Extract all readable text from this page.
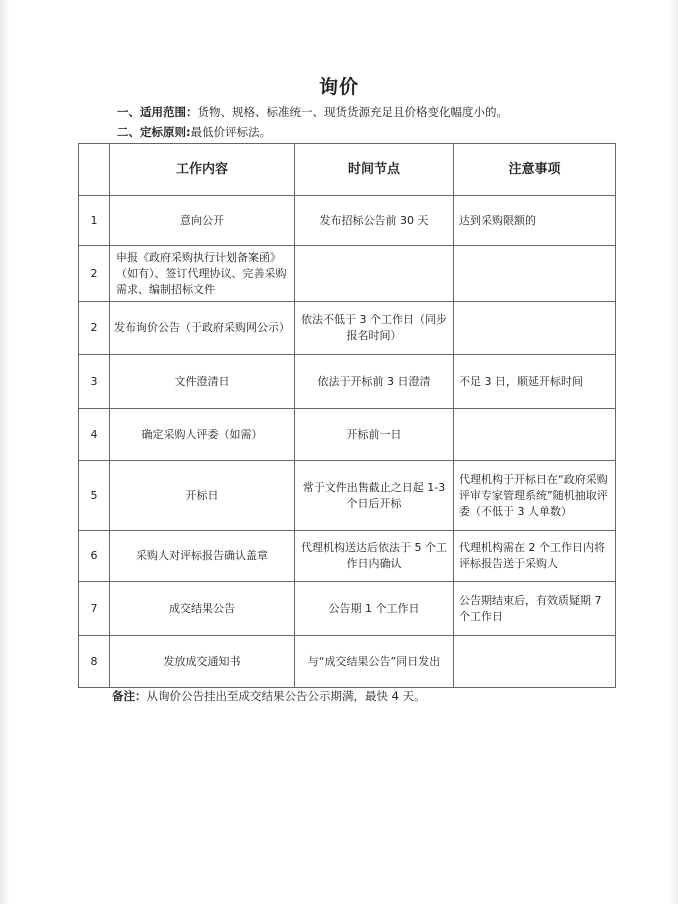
询价
一、适用范围：货物、规格、标准统一、现货货源充足且价格变化幅度小的。
二、定标原则:最低价评标法。
	工作内容	时间节点	注意事项
1	意向公开	发布招标公告前 30 天	达到采购限额的
2	申报《政府采购执行计划备案函》（如有）、签订代理协议、完善采购需求、编制招标文件		
2	发布询价公告（于政府采购网公示）	依法不低于 3 个工作日（同步报名时间）	
3	文件澄清日	依法于开标前 3 日澄清	不足 3 日，顺延开标时间
4	确定采购人评委（如需）	开标前一日	
5	开标日	常于文件出售截止之日起 1-3 个日后开标	代理机构于开标日在“政府采购评审专家管理系统”随机抽取评委（不低于 3 人单数）
6	采购人对评标报告确认盖章	代理机构送达后依法于 5 个工作日内确认	代理机构需在 2 个工作日内将评标报告送于采购人
7	成交结果公告	公告期 1 个工作日	公告期结束后，有效质疑期 7 个工作日
8	发放成交通知书	与“成交结果公告”同日发出	
备注：从询价公告挂出至成交结果公告公示期满，最快 4 天。
